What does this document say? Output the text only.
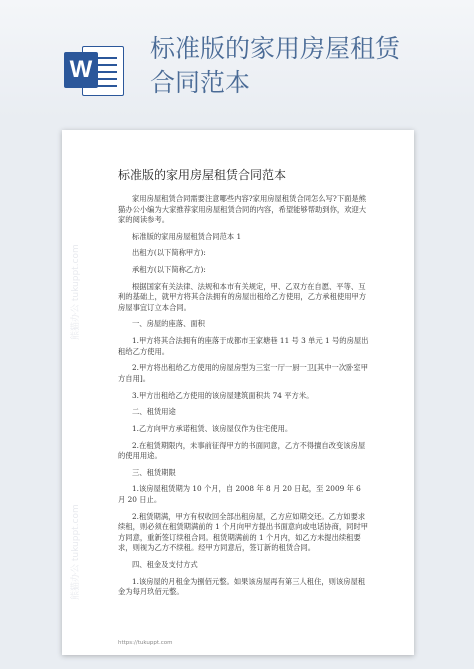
W
标准版的家用房屋租赁
合同范本
熊猫办公 tukuppt.com
熊猫办公 tukuppt.com
标准版的家用房屋租赁合同范本

家用房屋租赁合同需要注意哪些内容?家用房屋租赁合同怎么写?下面是熊猫办公小编为大家推荐家用房屋租赁合同的内容，希望能够帮助到你，欢迎大家的阅读参考。

标准版的家用房屋租赁合同范本 1

出租方(以下简称甲方):

承租方(以下简称乙方):

根据国家有关法律、法规和本市有关规定，甲、乙双方在自愿、平等、互利的基础上，就甲方将其合法拥有的房屋出租给乙方使用，乙方承租使用甲方房屋事宜订立本合同。

一、房屋的座落、面积

1.甲方将其合法拥有的座落于成都市王家塘巷 11 号 3 单元 1 号的房屋出租给乙方使用。

2.甲方将出租给乙方使用的房屋房型为三室一厅一厨一卫[其中一次卧室甲方自用]。

3.甲方出租给乙方使用的该房屋建筑面积共 74 平方米。

二、租赁用途

1.乙方向甲方承诺租赁、该房屋仅作为住宅使用。

2.在租赁期限内，未事前征得甲方的书面同意，乙方不得擅自改变该房屋的使用用途。

三、租赁期限

1.该房屋租赁期为 10 个月，自 2008 年 8 月 20 日起，至 2009 年 6 月 20 日止。

2.租赁期满，甲方有权收回全部出租房屋，乙方应如期交还。乙方如要求续租，则必须在租赁期满前的 1 个月向甲方提出书面意向或电话协商，同时甲方同意，重新签订续租合同。租赁期满前的 1 个月内，如乙方未提出续租要求，则视为乙方不续租。经甲方同意后，签订新的租赁合同。

四、租金及支付方式

1.该房屋的月租金为捌佰元整。如果该房屋再有第三人租住，则该房屋租金为每月玖佰元整。

https://tukuppt.com
